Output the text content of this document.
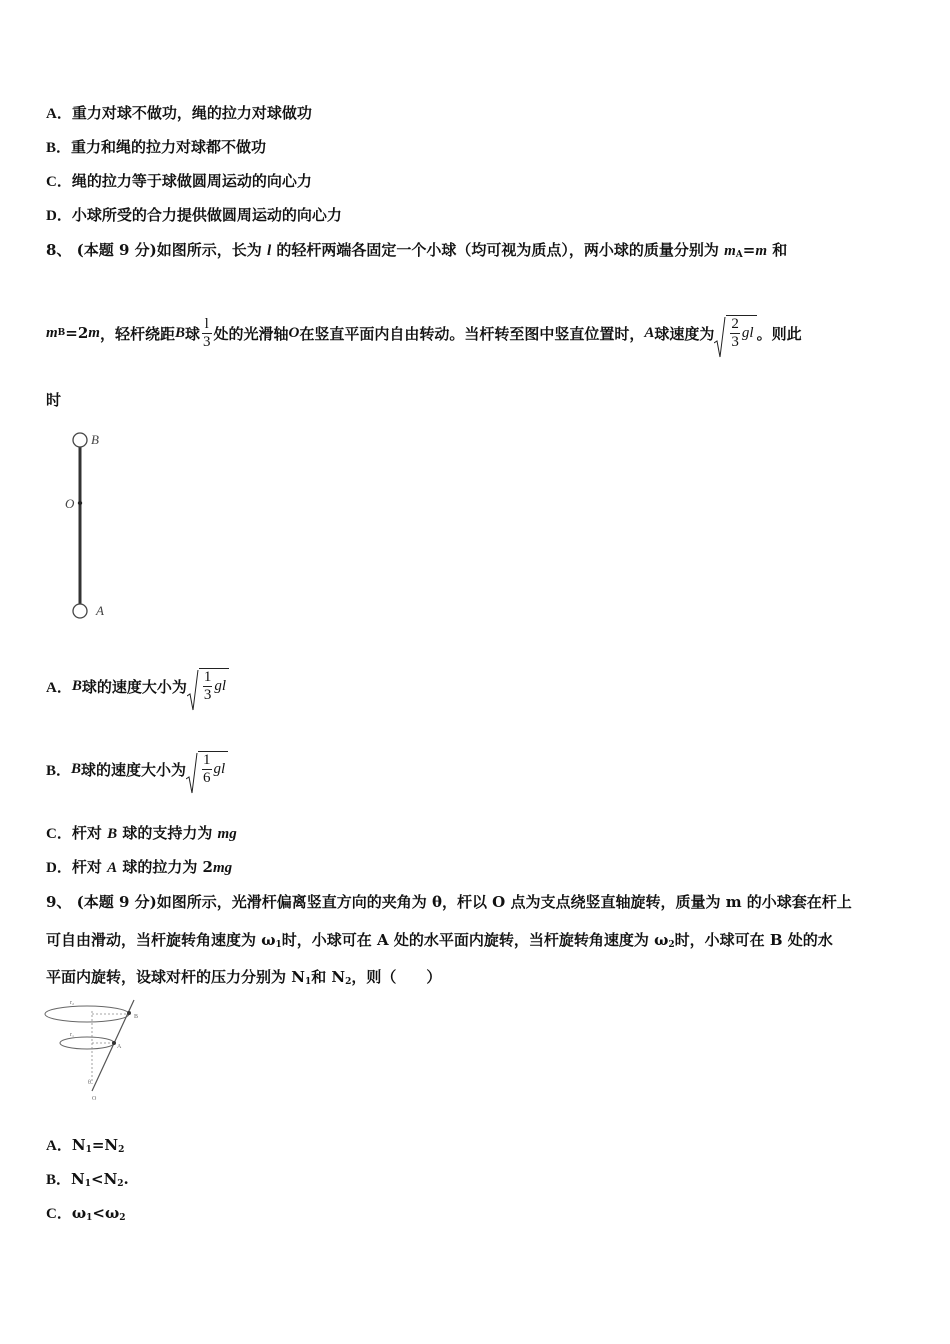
A．重力对球不做功，绳的拉力对球做功
B．重力和绳的拉力对球都不做功
C．绳的拉力等于球做圆周运动的向心力
D．小球所受的合力提供做圆周运动的向心力
8、 (本题 9 分)如图所示，长为 l 的轻杆两端各固定一个小球（均可视为质点），两小球的质量分别为 $m_A=m$ 和
m B =2 m ，轻杆绕距 B 球 $\frac{l}{3}$ 处的光滑轴 O 在竖直平面内自由转动。当杆转至图中竖直位置时， A 球速度为 $\frac{2}{3}$ gl 。则此
时
B
O
A
A． B 球的速度大小为 $\frac{1}{3}$ gl
B． B 球的速度大小为 $\frac{1}{6}$ gl
C．杆对 B 球的支持力为 mg
D．杆对 A 球的拉力为 2mg
9、 (本题 9 分)如图所示，光滑杆偏离竖直方向的夹角为 θ，杆以 O 点为支点绕竖直轴旋转，质量为 m 的小球套在杆上
可自由滑动，当杆旋转角速度为 $\omega_1$时，小球可在 A 处的水平面内旋转，当杆旋转角速度为 $\omega_2$时，小球可在 B 处的水
平面内旋转，设球对杆的压力分别为 $N_1$和 $N_2$，则（　　）
r₂
r₁
B
A
θ
O
A．$N_1=N_2$
B．$N_1<N_2$.
C．$\omega_1<\omega_2$
